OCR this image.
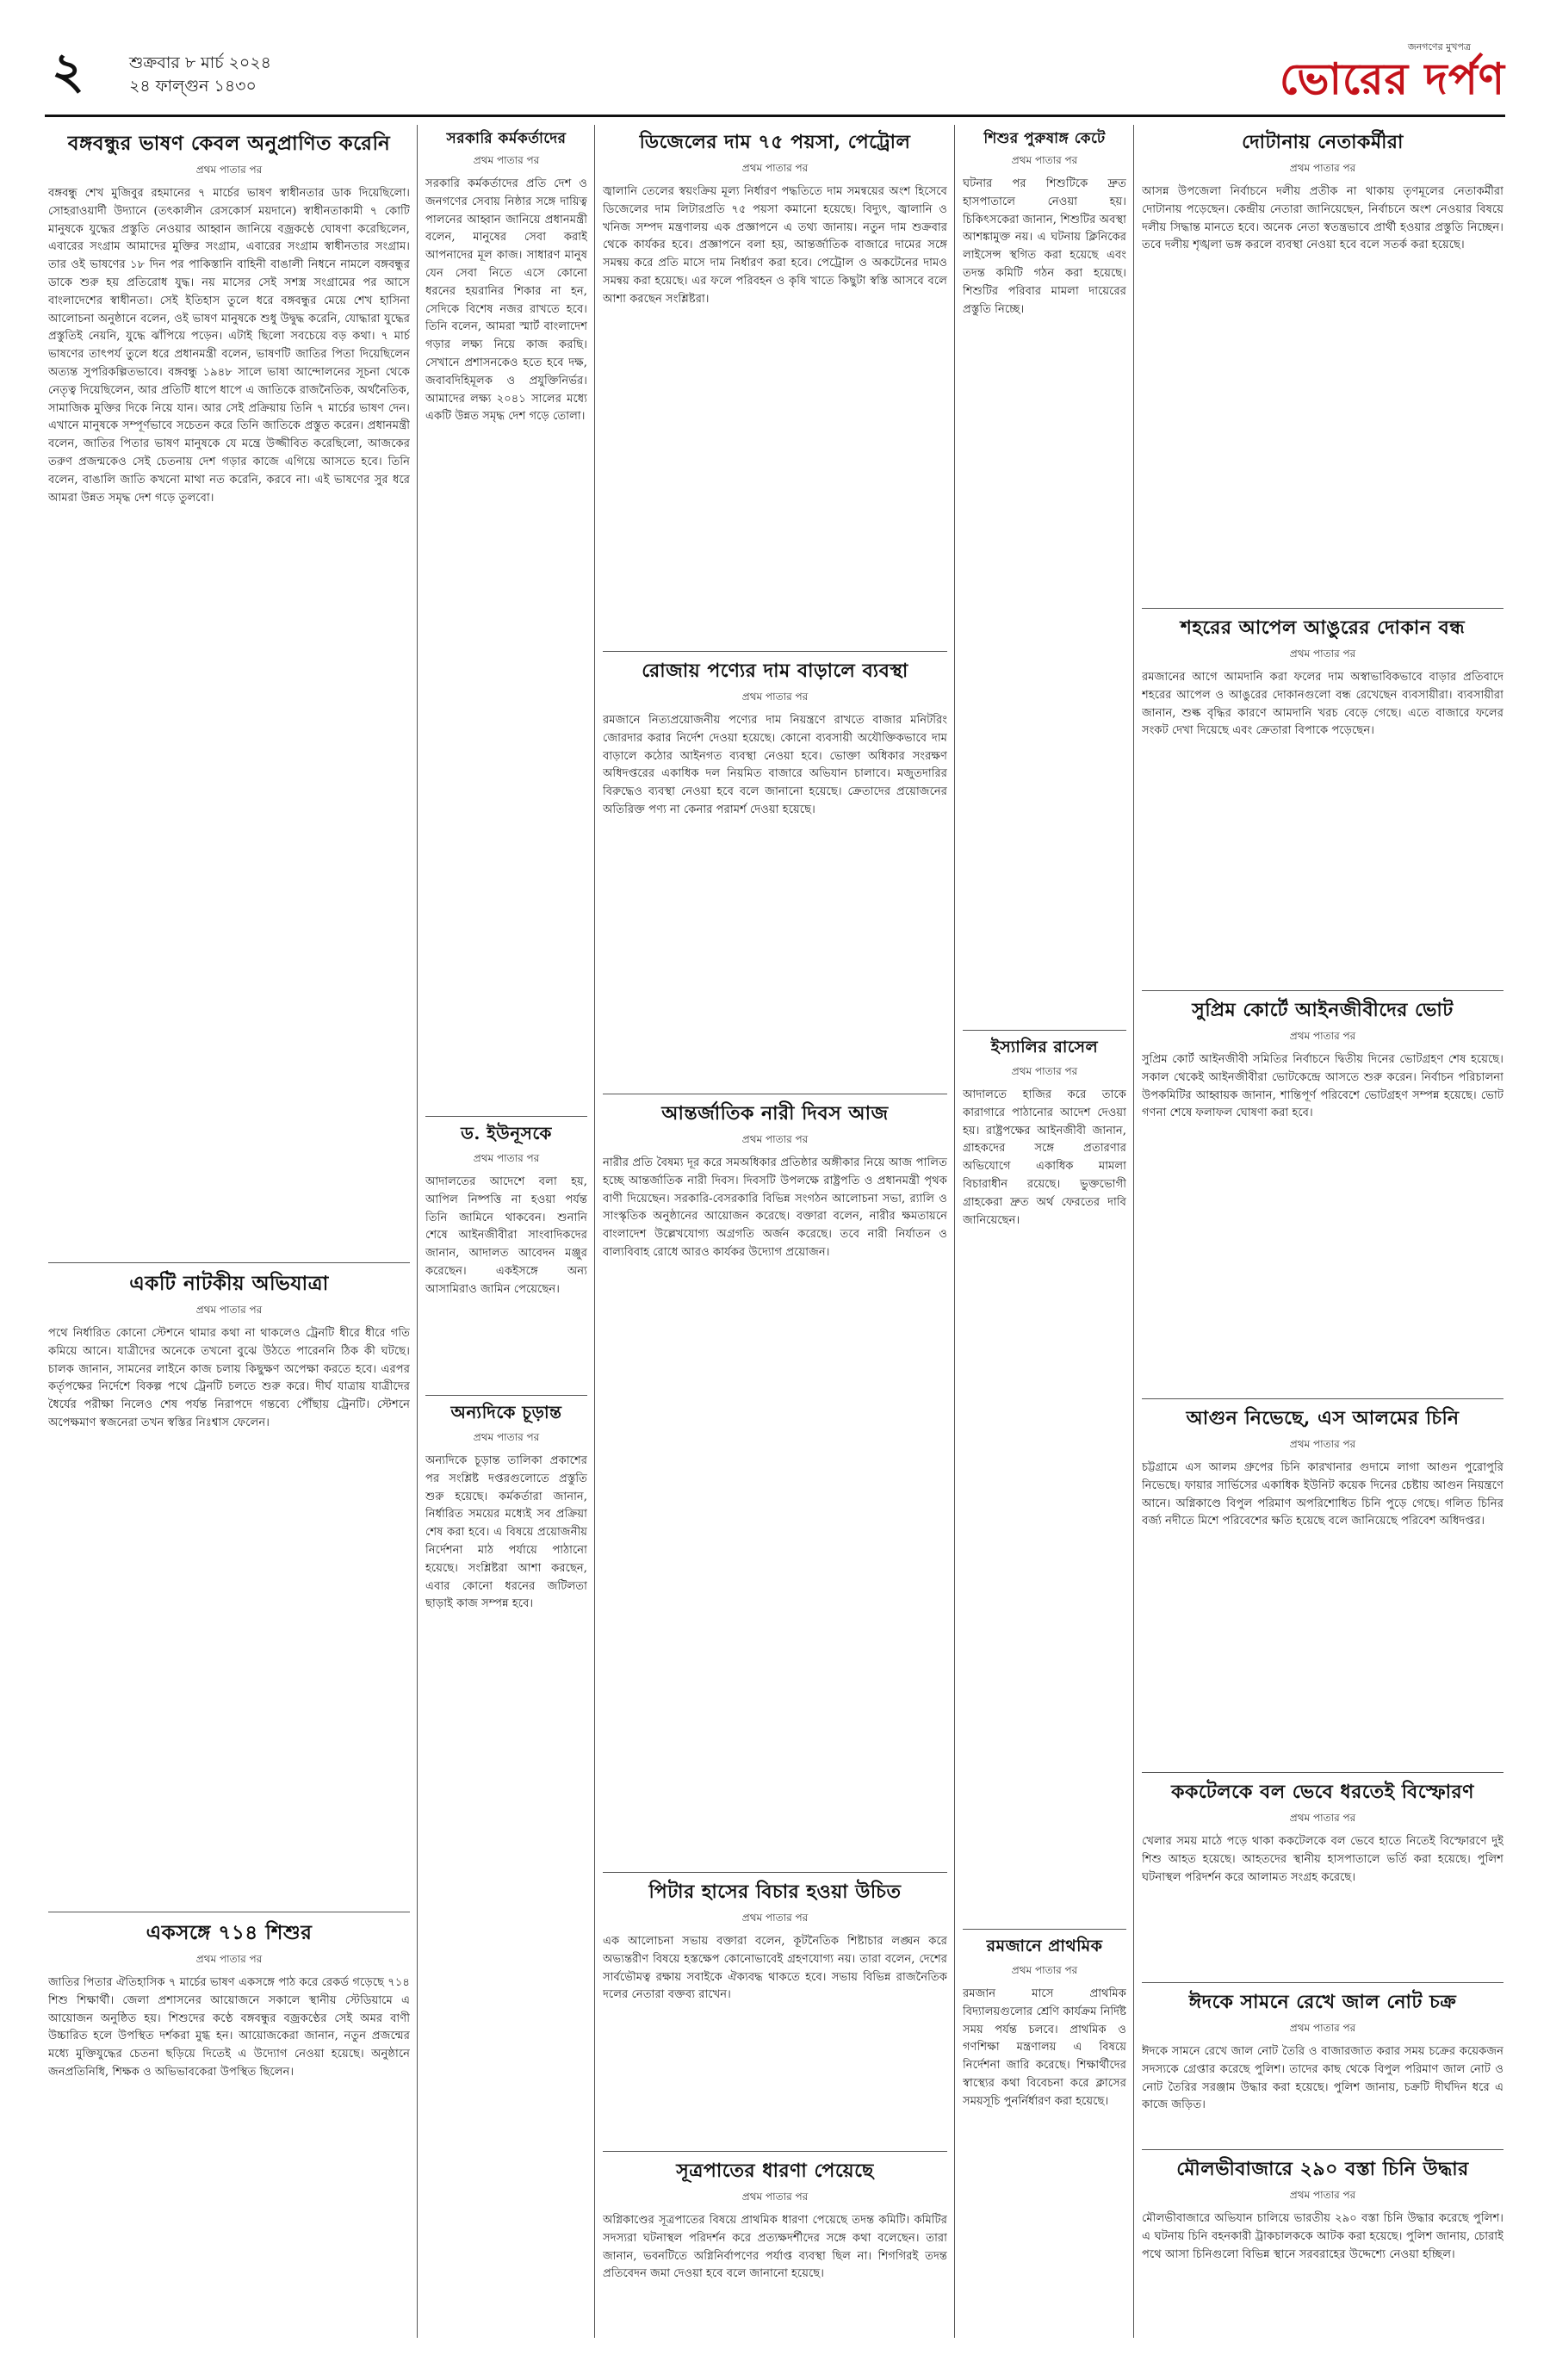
২	শুক্রবার ৮ মার্চ ২০২৪
২৪ ফাল্গুন ১৪৩০
জনগণের মুখপত্র
ভোরের দর্পণ
বঙ্গবন্ধুর ভাষণ কেবল অনুপ্রাণিত করেনি
প্রথম পাতার পর
বঙ্গবন্ধু শেখ মুজিবুর রহমানের ৭ মার্চের ভাষণ স্বাধীনতার ডাক দিয়েছিলো। সোহরাওয়ার্দী উদ্যানে (তৎকালীন রেসকোর্স ময়দানে) স্বাধীনতাকামী ৭ কোটি মানুষকে যুদ্ধের প্রস্তুতি নেওয়ার আহ্বান জানিয়ে বজ্রকণ্ঠে ঘোষণা করেছিলেন, এবারের সংগ্রাম আমাদের মুক্তির সংগ্রাম, এবারের সংগ্রাম স্বাধীনতার সংগ্রাম। তার ওই ভাষণের ১৮ দিন পর পাকিস্তানি বাহিনী বাঙালী নিধনে নামলে বঙ্গবন্ধুর ডাকে শুরু হয় প্রতিরোধ যুদ্ধ। নয় মাসের সেই সশস্ত্র সংগ্রামের পর আসে বাংলাদেশের স্বাধীনতা। সেই ইতিহাস তুলে ধরে বঙ্গবন্ধুর মেয়ে শেখ হাসিনা আলোচনা অনুষ্ঠানে বলেন, ওই ভাষণ মানুষকে শুধু উদ্বুদ্ধ করেনি, যোদ্ধারা যুদ্ধের প্রস্তুতিই নেয়নি, যুদ্ধে ঝাঁপিয়ে পড়েন। এটাই ছিলো সবচেয়ে বড় কথা। ৭ মার্চ ভাষণের তাৎপর্য তুলে ধরে প্রধানমন্ত্রী বলেন, ভাষণটি জাতির পিতা দিয়েছিলেন অত্যন্ত সুপরিকল্পিতভাবে। বঙ্গবন্ধু ১৯৪৮ সালে ভাষা আন্দোলনের সূচনা থেকে নেতৃত্ব দিয়েছিলেন, আর প্রতিটি ধাপে ধাপে এ জাতিকে রাজনৈতিক, অর্থনৈতিক, সামাজিক মুক্তির দিকে নিয়ে যান। আর সেই প্রক্রিয়ায় তিনি ৭ মার্চের ভাষণ দেন। এখানে মানুষকে সম্পূর্ণভাবে সচেতন করে তিনি জাতিকে প্রস্তুত করেন। প্রধানমন্ত্রী বলেন, জাতির পিতার ভাষণ মানুষকে যে মন্ত্রে উজ্জীবিত করেছিলো, আজকের তরুণ প্রজন্মকেও সেই চেতনায় দেশ গড়ার কাজে এগিয়ে আসতে হবে। তিনি বলেন, বাঙালি জাতি কখনো মাথা নত করেনি, করবে না। এই ভাষণের সুর ধরে আমরা উন্নত সমৃদ্ধ দেশ গড়ে তুলবো।
একটি নাটকীয় অভিযাত্রা
প্রথম পাতার পর
পথে নির্ধারিত কোনো স্টেশনে থামার কথা না থাকলেও ট্রেনটি ধীরে ধীরে গতি কমিয়ে আনে। যাত্রীদের অনেকে তখনো বুঝে উঠতে পারেননি ঠিক কী ঘটছে। চালক জানান, সামনের লাইনে কাজ চলায় কিছুক্ষণ অপেক্ষা করতে হবে। এরপর কর্তৃপক্ষের নির্দেশে বিকল্প পথে ট্রেনটি চলতে শুরু করে। দীর্ঘ যাত্রায় যাত্রীদের ধৈর্যের পরীক্ষা নিলেও শেষ পর্যন্ত নিরাপদে গন্তব্যে পৌঁছায় ট্রেনটি। স্টেশনে অপেক্ষমাণ স্বজনেরা তখন স্বস্তির নিঃশ্বাস ফেলেন।
একসঙ্গে ৭১৪ শিশুর
প্রথম পাতার পর
জাতির পিতার ঐতিহাসিক ৭ মার্চের ভাষণ একসঙ্গে পাঠ করে রেকর্ড গড়েছে ৭১৪ শিশু শিক্ষার্থী। জেলা প্রশাসনের আয়োজনে সকালে স্থানীয় স্টেডিয়ামে এ আয়োজন অনুষ্ঠিত হয়। শিশুদের কণ্ঠে বঙ্গবন্ধুর বজ্রকণ্ঠের সেই অমর বাণী উচ্চারিত হলে উপস্থিত দর্শকরা মুগ্ধ হন। আয়োজকেরা জানান, নতুন প্রজন্মের মধ্যে মুক্তিযুদ্ধের চেতনা ছড়িয়ে দিতেই এ উদ্যোগ নেওয়া হয়েছে। অনুষ্ঠানে জনপ্রতিনিধি, শিক্ষক ও অভিভাবকেরা উপস্থিত ছিলেন।
সরকারি কর্মকর্তাদের
প্রথম পাতার পর
সরকারি কর্মকর্তাদের প্রতি দেশ ও জনগণের সেবায় নিষ্ঠার সঙ্গে দায়িত্ব পালনের আহ্বান জানিয়ে প্রধানমন্ত্রী বলেন, মানুষের সেবা করাই আপনাদের মূল কাজ। সাধারণ মানুষ যেন সেবা নিতে এসে কোনো ধরনের হয়রানির শিকার না হন, সেদিকে বিশেষ নজর রাখতে হবে। তিনি বলেন, আমরা স্মার্ট বাংলাদেশ গড়ার লক্ষ্য নিয়ে কাজ করছি। সেখানে প্রশাসনকেও হতে হবে দক্ষ, জবাবদিহিমূলক ও প্রযুক্তিনির্ভর। আমাদের লক্ষ্য ২০৪১ সালের মধ্যে একটি উন্নত সমৃদ্ধ দেশ গড়ে তোলা।
ড. ইউনূসকে
প্রথম পাতার পর
আদালতের আদেশে বলা হয়, আপিল নিষ্পত্তি না হওয়া পর্যন্ত তিনি জামিনে থাকবেন। শুনানি শেষে আইনজীবীরা সাংবাদিকদের জানান, আদালত আবেদন মঞ্জুর করেছেন। একইসঙ্গে অন্য আসামিরাও জামিন পেয়েছেন।
অন্যদিকে চূড়ান্ত
প্রথম পাতার পর
অন্যদিকে চূড়ান্ত তালিকা প্রকাশের পর সংশ্লিষ্ট দপ্তরগুলোতে প্রস্তুতি শুরু হয়েছে। কর্মকর্তারা জানান, নির্ধারিত সময়ের মধ্যেই সব প্রক্রিয়া শেষ করা হবে। এ বিষয়ে প্রয়োজনীয় নির্দেশনা মাঠ পর্যায়ে পাঠানো হয়েছে। সংশ্লিষ্টরা আশা করছেন, এবার কোনো ধরনের জটিলতা ছাড়াই কাজ সম্পন্ন হবে।
ডিজেলের দাম ৭৫ পয়সা, পেট্রোল
প্রথম পাতার পর
জ্বালানি তেলের স্বয়ংক্রিয় মূল্য নির্ধারণ পদ্ধতিতে দাম সমন্বয়ের অংশ হিসেবে ডিজেলের দাম লিটারপ্রতি ৭৫ পয়সা কমানো হয়েছে। বিদ্যুৎ, জ্বালানি ও খনিজ সম্পদ মন্ত্রণালয় এক প্রজ্ঞাপনে এ তথ্য জানায়। নতুন দাম শুক্রবার থেকে কার্যকর হবে। প্রজ্ঞাপনে বলা হয়, আন্তর্জাতিক বাজারে দামের সঙ্গে সমন্বয় করে প্রতি মাসে দাম নির্ধারণ করা হবে। পেট্রোল ও অকটেনের দামও সমন্বয় করা হয়েছে। এর ফলে পরিবহন ও কৃষি খাতে কিছুটা স্বস্তি আসবে বলে আশা করছেন সংশ্লিষ্টরা।
রোজায় পণ্যের দাম বাড়ালে ব্যবস্থা
প্রথম পাতার পর
রমজানে নিত্যপ্রয়োজনীয় পণ্যের দাম নিয়ন্ত্রণে রাখতে বাজার মনিটরিং জোরদার করার নির্দেশ দেওয়া হয়েছে। কোনো ব্যবসায়ী অযৌক্তিকভাবে দাম বাড়ালে কঠোর আইনগত ব্যবস্থা নেওয়া হবে। ভোক্তা অধিকার সংরক্ষণ অধিদপ্তরের একাধিক দল নিয়মিত বাজারে অভিযান চালাবে। মজুতদারির বিরুদ্ধেও ব্যবস্থা নেওয়া হবে বলে জানানো হয়েছে। ক্রেতাদের প্রয়োজনের অতিরিক্ত পণ্য না কেনার পরামর্শ দেওয়া হয়েছে।
আন্তর্জাতিক নারী দিবস আজ
প্রথম পাতার পর
নারীর প্রতি বৈষম্য দূর করে সমঅধিকার প্রতিষ্ঠার অঙ্গীকার নিয়ে আজ পালিত হচ্ছে আন্তর্জাতিক নারী দিবস। দিবসটি উপলক্ষে রাষ্ট্রপতি ও প্রধানমন্ত্রী পৃথক বাণী দিয়েছেন। সরকারি-বেসরকারি বিভিন্ন সংগঠন আলোচনা সভা, র‌্যালি ও সাংস্কৃতিক অনুষ্ঠানের আয়োজন করেছে। বক্তারা বলেন, নারীর ক্ষমতায়নে বাংলাদেশ উল্লেখযোগ্য অগ্রগতি অর্জন করেছে। তবে নারী নির্যাতন ও বাল্যবিবাহ রোধে আরও কার্যকর উদ্যোগ প্রয়োজন।
পিটার হাসের বিচার হওয়া উচিত
প্রথম পাতার পর
এক আলোচনা সভায় বক্তারা বলেন, কূটনৈতিক শিষ্টাচার লঙ্ঘন করে অভ্যন্তরীণ বিষয়ে হস্তক্ষেপ কোনোভাবেই গ্রহণযোগ্য নয়। তারা বলেন, দেশের সার্বভৌমত্ব রক্ষায় সবাইকে ঐক্যবদ্ধ থাকতে হবে। সভায় বিভিন্ন রাজনৈতিক দলের নেতারা বক্তব্য রাখেন।
সূত্রপাতের ধারণা পেয়েছে
প্রথম পাতার পর
অগ্নিকাণ্ডের সূত্রপাতের বিষয়ে প্রাথমিক ধারণা পেয়েছে তদন্ত কমিটি। কমিটির সদস্যরা ঘটনাস্থল পরিদর্শন করে প্রত্যক্ষদর্শীদের সঙ্গে কথা বলেছেন। তারা জানান, ভবনটিতে অগ্নিনির্বাপণের পর্যাপ্ত ব্যবস্থা ছিল না। শিগগিরই তদন্ত প্রতিবেদন জমা দেওয়া হবে বলে জানানো হয়েছে।
শিশুর পুরুষাঙ্গ কেটে
প্রথম পাতার পর
ঘটনার পর শিশুটিকে দ্রুত হাসপাতালে নেওয়া হয়। চিকিৎসকেরা জানান, শিশুটির অবস্থা আশঙ্কামুক্ত নয়। এ ঘটনায় ক্লিনিকের লাইসেন্স স্থগিত করা হয়েছে এবং তদন্ত কমিটি গঠন করা হয়েছে। শিশুটির পরিবার মামলা দায়েরের প্রস্তুতি নিচ্ছে।
ইস্যালির রাসেল
প্রথম পাতার পর
আদালতে হাজির করে তাকে কারাগারে পাঠানোর আদেশ দেওয়া হয়। রাষ্ট্রপক্ষের আইনজীবী জানান, গ্রাহকদের সঙ্গে প্রতারণার অভিযোগে একাধিক মামলা বিচারাধীন রয়েছে। ভুক্তভোগী গ্রাহকেরা দ্রুত অর্থ ফেরতের দাবি জানিয়েছেন।
রমজানে প্রাথমিক
প্রথম পাতার পর
রমজান মাসে প্রাথমিক বিদ্যালয়গুলোর শ্রেণি কার্যক্রম নির্দিষ্ট সময় পর্যন্ত চলবে। প্রাথমিক ও গণশিক্ষা মন্ত্রণালয় এ বিষয়ে নির্দেশনা জারি করেছে। শিক্ষার্থীদের স্বাস্থ্যের কথা বিবেচনা করে ক্লাসের সময়সূচি পুনর্নির্ধারণ করা হয়েছে।
দোটানায় নেতাকর্মীরা
প্রথম পাতার পর
আসন্ন উপজেলা নির্বাচনে দলীয় প্রতীক না থাকায় তৃণমূলের নেতাকর্মীরা দোটানায় পড়েছেন। কেন্দ্রীয় নেতারা জানিয়েছেন, নির্বাচনে অংশ নেওয়ার বিষয়ে দলীয় সিদ্ধান্ত মানতে হবে। অনেক নেতা স্বতন্ত্রভাবে প্রার্থী হওয়ার প্রস্তুতি নিচ্ছেন। তবে দলীয় শৃঙ্খলা ভঙ্গ করলে ব্যবস্থা নেওয়া হবে বলে সতর্ক করা হয়েছে।
শহরের আপেল আঙুরের দোকান বন্ধ
প্রথম পাতার পর
রমজানের আগে আমদানি করা ফলের দাম অস্বাভাবিকভাবে বাড়ার প্রতিবাদে শহরের আপেল ও আঙুরের দোকানগুলো বন্ধ রেখেছেন ব্যবসায়ীরা। ব্যবসায়ীরা জানান, শুল্ক বৃদ্ধির কারণে আমদানি খরচ বেড়ে গেছে। এতে বাজারে ফলের সংকট দেখা দিয়েছে এবং ক্রেতারা বিপাকে পড়েছেন।
সুপ্রিম কোর্টে আইনজীবীদের ভোট
প্রথম পাতার পর
সুপ্রিম কোর্ট আইনজীবী সমিতির নির্বাচনে দ্বিতীয় দিনের ভোটগ্রহণ শেষ হয়েছে। সকাল থেকেই আইনজীবীরা ভোটকেন্দ্রে আসতে শুরু করেন। নির্বাচন পরিচালনা উপকমিটির আহ্বায়ক জানান, শান্তিপূর্ণ পরিবেশে ভোটগ্রহণ সম্পন্ন হয়েছে। ভোট গণনা শেষে ফলাফল ঘোষণা করা হবে।
আগুন নিভেছে, এস আলমের চিনি
প্রথম পাতার পর
চট্টগ্রামে এস আলম গ্রুপের চিনি কারখানার গুদামে লাগা আগুন পুরোপুরি নিভেছে। ফায়ার সার্ভিসের একাধিক ইউনিট কয়েক দিনের চেষ্টায় আগুন নিয়ন্ত্রণে আনে। অগ্নিকাণ্ডে বিপুল পরিমাণ অপরিশোধিত চিনি পুড়ে গেছে। গলিত চিনির বর্জ্য নদীতে মিশে পরিবেশের ক্ষতি হয়েছে বলে জানিয়েছে পরিবেশ অধিদপ্তর।
ককটেলকে বল ভেবে ধরতেই বিস্ফোরণ
প্রথম পাতার পর
খেলার সময় মাঠে পড়ে থাকা ককটেলকে বল ভেবে হাতে নিতেই বিস্ফোরণে দুই শিশু আহত হয়েছে। আহতদের স্থানীয় হাসপাতালে ভর্তি করা হয়েছে। পুলিশ ঘটনাস্থল পরিদর্শন করে আলামত সংগ্রহ করেছে।
ঈদকে সামনে রেখে জাল নোট চক্র
প্রথম পাতার পর
ঈদকে সামনে রেখে জাল নোট তৈরি ও বাজারজাত করার সময় চক্রের কয়েকজন সদস্যকে গ্রেপ্তার করেছে পুলিশ। তাদের কাছ থেকে বিপুল পরিমাণ জাল নোট ও নোট তৈরির সরঞ্জাম উদ্ধার করা হয়েছে। পুলিশ জানায়, চক্রটি দীর্ঘদিন ধরে এ কাজে জড়িত।
মৌলভীবাজারে ২৯০ বস্তা চিনি উদ্ধার
প্রথম পাতার পর
মৌলভীবাজারে অভিযান চালিয়ে ভারতীয় ২৯০ বস্তা চিনি উদ্ধার করেছে পুলিশ। এ ঘটনায় চিনি বহনকারী ট্রাকচালককে আটক করা হয়েছে। পুলিশ জানায়, চোরাই পথে আসা চিনিগুলো বিভিন্ন স্থানে সরবরাহের উদ্দেশ্যে নেওয়া হচ্ছিল।
